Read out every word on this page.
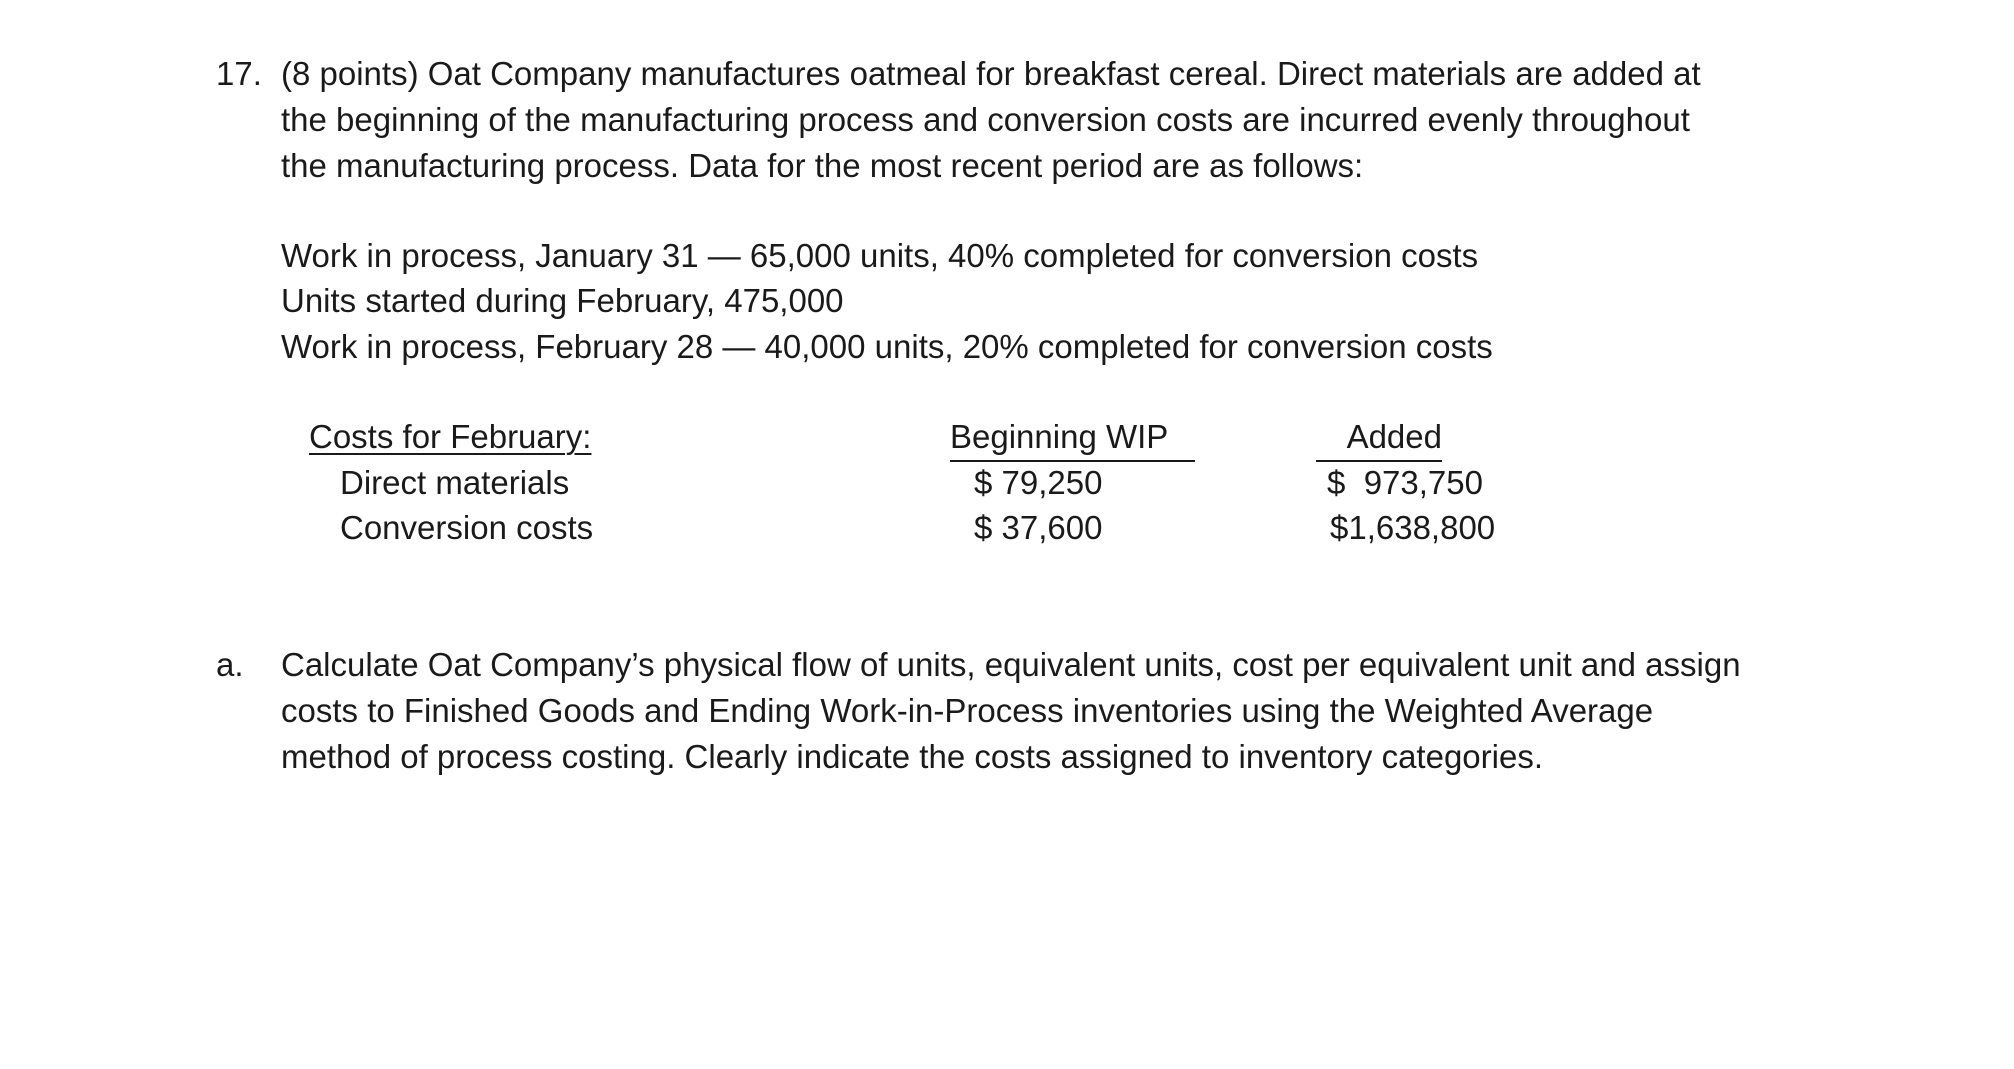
17. (8 points) Oat Company manufactures oatmeal for breakfast cereal. Direct materials are added at
the beginning of the manufacturing process and conversion costs are incurred evenly throughout
the manufacturing process. Data for the most recent period are as follows:
Work in process, January 31 — 65,000 units, 40% completed for conversion costs
Units started during February, 475,000
Work in process, February 28 — 40,000 units, 20% completed for conversion costs
Costs for February:	Beginning WIP	Added
Direct materials	$ 79,250	$  973,750
Conversion costs	$ 37,600	$1,638,800
a. Calculate Oat Company’s physical flow of units, equivalent units, cost per equivalent unit and assign
costs to Finished Goods and Ending Work-in-Process inventories using the Weighted Average
method of process costing. Clearly indicate the costs assigned to inventory categories.
